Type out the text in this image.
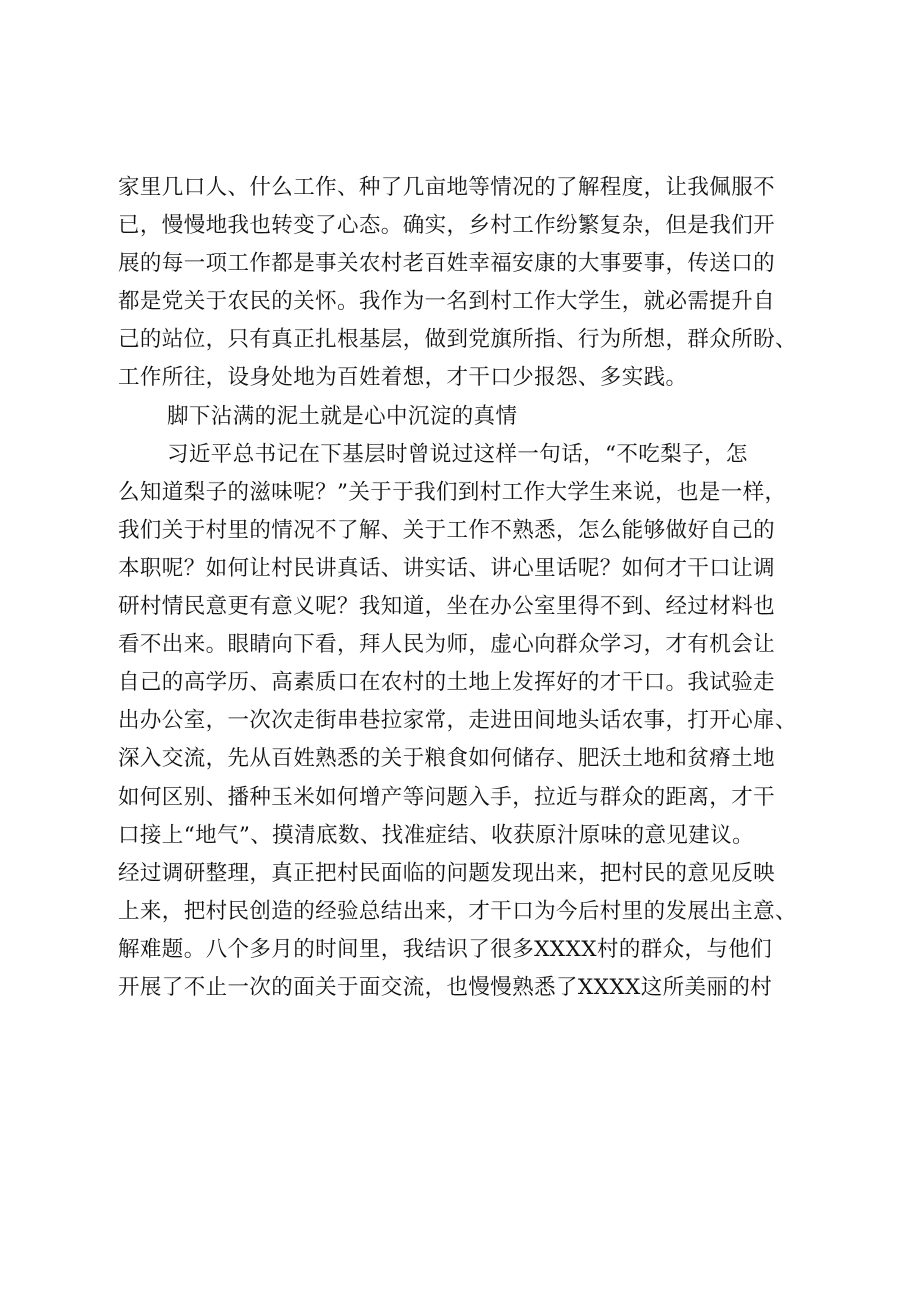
家里几口人、什么工作、种了几亩地等情况的了解程度，让我佩服不
已，慢慢地我也转变了心态。确实，乡村工作纷繁复杂，但是我们开
展的每一项工作都是事关农村老百姓幸福安康的大事要事，传送口的
都是党关于农民的关怀。我作为一名到村工作大学生，就必需提升自
己的站位，只有真正扎根基层，做到党旗所指、行为所想，群众所盼、
工作所往，设身处地为百姓着想，才干口少报怨、多实践。
脚下沾满的泥土就是心中沉淀的真情
习近平总书记在下基层时曾说过这样一句话，“不吃梨子，怎
么知道梨子的滋味呢？”关于于我们到村工作大学生来说，也是一样，
我们关于村里的情况不了解、关于工作不熟悉，怎么能够做好自己的
本职呢？如何让村民讲真话、讲实话、讲心里话呢？如何才干口让调
研村情民意更有意义呢？我知道，坐在办公室里得不到、经过材料也
看不出来。眼睛向下看，拜人民为师，虚心向群众学习，才有机会让
自己的高学历、高素质口在农村的土地上发挥好的才干口。我试验走
出办公室，一次次走街串巷拉家常，走进田间地头话农事，打开心扉、
深入交流，先从百姓熟悉的关于粮食如何储存、肥沃土地和贫瘠土地
如何区别、播种玉米如何增产等问题入手，拉近与群众的距离，才干
口接上“地气”、摸清底数、找准症结、收获原汁原味的意见建议。
经过调研整理，真正把村民面临的问题发现出来，把村民的意见反映
上来，把村民创造的经验总结出来，才干口为今后村里的发展出主意、
解难题。八个多月的时间里，我结识了很多XXXX村的群众，与他们
开展了不止一次的面关于面交流，也慢慢熟悉了XXXX这所美丽的村
